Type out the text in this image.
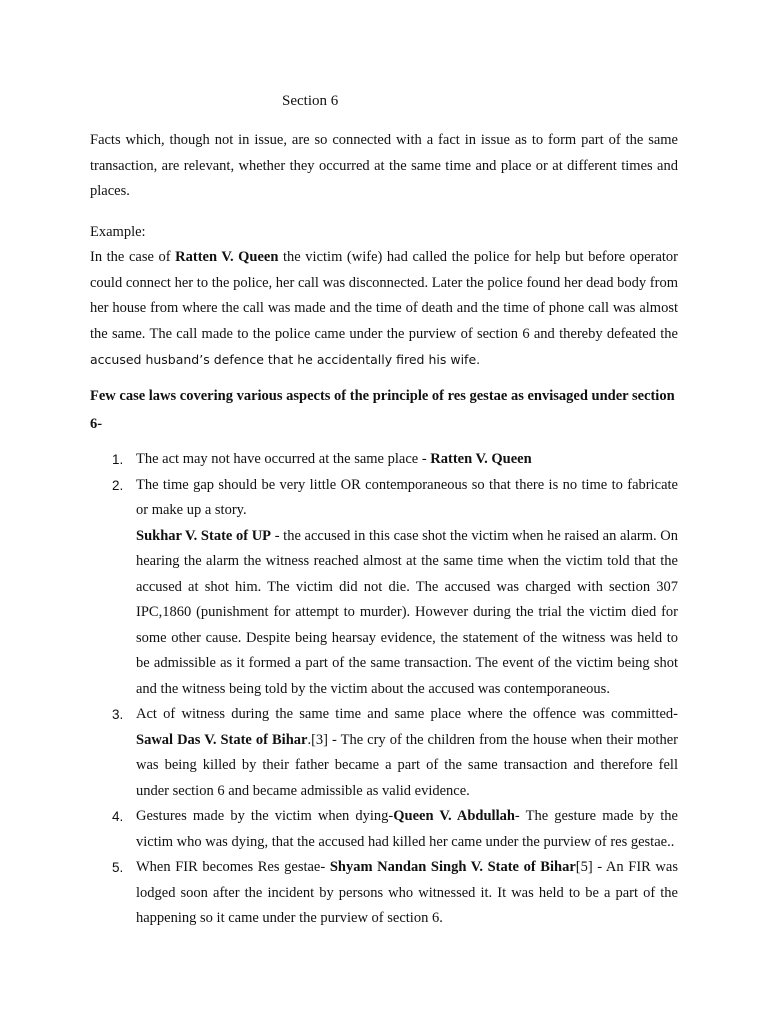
Section 6

Facts which, though not in issue, are so connected with a fact in issue as to form part of the same transaction, are relevant, whether they occurred at the same time and place or at different times and places.

Example:

In the case of Ratten V. Queen the victim (wife) had called the police for help but before operator could connect her to the police, her call was disconnected. Later the police found her dead body from her house from where the call was made and the time of death and the time of phone call was almost the same. The call made to the police came under the purview of section 6 and thereby defeated the accused husband’s defence that he accidentally fired his wife.

Few case laws covering various aspects of the principle of res gestae as envisaged under section 6-

1. The act may not have occurred at the same place - Ratten V. Queen
2. The time gap should be very little OR contemporaneous so that there is no time to fabricate or make up a story.
Sukhar V. State of UP - the accused in this case shot the victim when he raised an alarm. On hearing the alarm the witness reached almost at the same time when the victim told that the accused at shot him. The victim did not die. The accused was charged with section 307 IPC,1860 (punishment for attempt to murder). However during the trial the victim died for some other cause. Despite being hearsay evidence, the statement of the witness was held to be admissible as it formed a part of the same transaction. The event of the victim being shot and the witness being told by the victim about the accused was contemporaneous.
3. Act of witness during the same time and same place where the offence was committed-Sawal Das V. State of Bihar.[3] - The cry of the children from the house when their mother was being killed by their father became a part of the same transaction and therefore fell under section 6 and became admissible as valid evidence.
4. Gestures made by the victim when dying-Queen V. Abdullah- The gesture made by the victim who was dying, that the accused had killed her came under the purview of res gestae..
5. When FIR becomes Res gestae- Shyam Nandan Singh V. State of Bihar[5] - An FIR was lodged soon after the incident by persons who witnessed it. It was held to be a part of the happening so it came under the purview of section 6.
